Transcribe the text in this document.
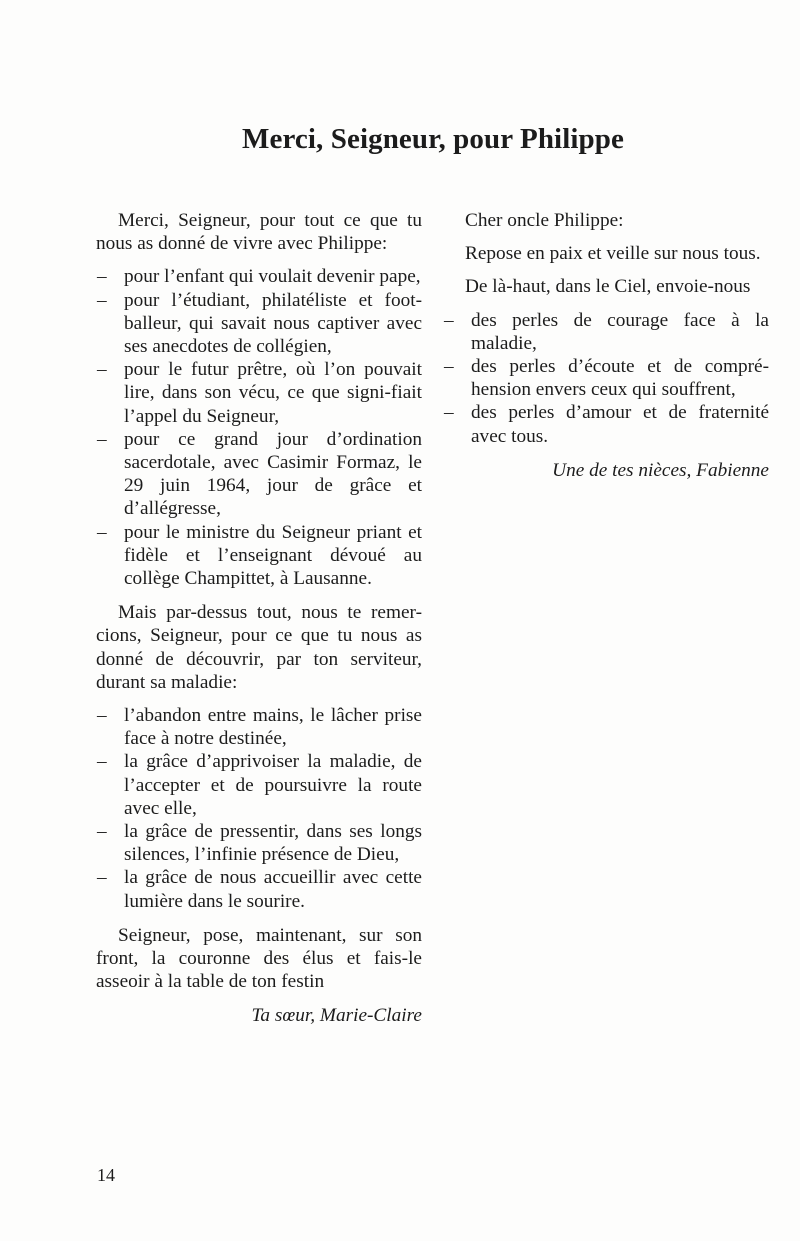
Merci, Seigneur, pour Philippe

Merci, Seigneur, pour tout ce que tu nous as donné de vivre avec Philippe:

– pour l’enfant qui voulait devenir pape,
– pour l’étudiant, philatéliste et foot-balleur, qui savait nous captiver avec ses anecdotes de collégien,
– pour le futur prêtre, où l’on pouvait lire, dans son vécu, ce que signi-fiait l’appel du Seigneur,
– pour ce grand jour d’ordination sacerdotale, avec Casimir Formaz, le 29 juin 1964, jour de grâce et d’allégresse,
– pour le ministre du Seigneur priant et fidèle et l’enseignant dévoué au collège Champittet, à Lausanne.

Mais par-dessus tout, nous te remer-cions, Seigneur, pour ce que tu nous as donné de découvrir, par ton serviteur, durant sa maladie:

– l’abandon entre mains, le lâcher prise face à notre destinée,
– la grâce d’apprivoiser la maladie, de l’accepter et de poursuivre la route avec elle,
– la grâce de pressentir, dans ses longs silences, l’infinie présence de Dieu,
– la grâce de nous accueillir avec cette lumière dans le sourire.

Seigneur, pose, maintenant, sur son front, la couronne des élus et fais-le asseoir à la table de ton festin

Ta sœur, Marie-Claire

Cher oncle Philippe:

Repose en paix et veille sur nous tous.

De là-haut, dans le Ciel, envoie-nous

– des perles de courage face à la maladie,
– des perles d’écoute et de compré-hension envers ceux qui souffrent,
– des perles d’amour et de fraternité avec tous.

Une de tes nièces, Fabienne

14
